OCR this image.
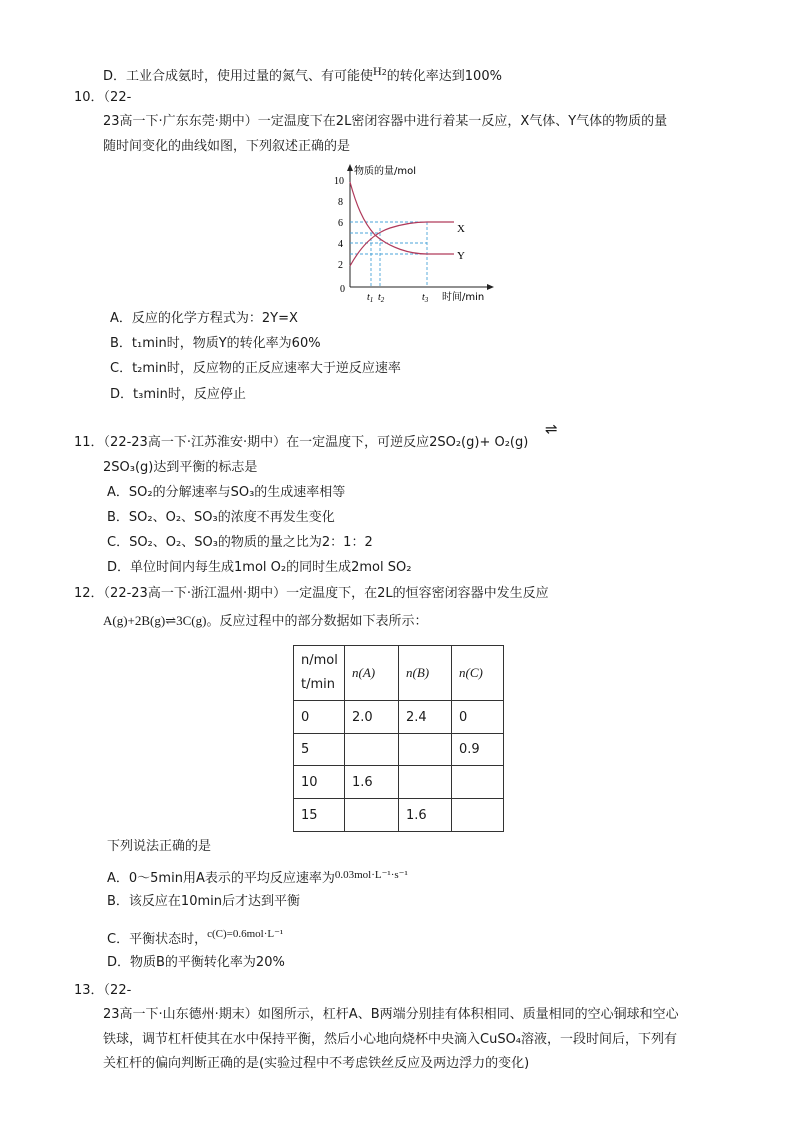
D．工业合成氨时，使用过量的氮气、有可能使$H^2$的转化率达到100%
10．（22-
23高一下·广东东莞·期中）一定温度下在2L密闭容器中进行着某一反应，X气体、Y气体的物质的量
随时间变化的曲线如图，下列叙述正确的是
物质的量/mol
时间/min
10
8
6
4
2
0
X
Y
$t_1$ $t_2$	$t_3$
A．反应的化学方程式为：2Y=X
B．t₁min时，物质Y的转化率为60%
C．t₂min时，反应物的正反应速率大于逆反应速率
D．t₃min时，反应停止
11．（22-23高一下·江苏淮安·期中）在一定温度下，可逆反应2SO₂(g)+ O₂(g)
⇌
2SO₃(g)达到平衡的标志是
A．SO₂的分解速率与SO₃的生成速率相等
B．SO₂、O₂、SO₃的浓度不再发生变化
C．SO₂、O₂、SO₃的物质的量之比为2：1：2
D．单位时间内每生成1mol O₂的同时生成2mol SO₂
12．（22-23高一下·浙江温州·期中）一定温度下，在2L的恒容密闭容器中发生反应
A(g)+2B(g)⇌3C(g)。反应过程中的部分数据如下表所示：
n/mol
t/min	n(A)	n(B)	n(C)
0	2.0	2.4	0
5			0.9
10	1.6		
15		1.6	
下列说法正确的是
A．0～5min用A表示的平均反应速率为$^{0.03mol\cdot L^{-1}\cdot s^{-1}}$
B．该反应在10min后才达到平衡
C．平衡状态时，$^{c(C)=0.6mol\cdot L^{-1}}$
D．物质B的平衡转化率为20%
13．（22-
23高一下·山东德州·期末）如图所示，杠杆A、B两端分别挂有体积相同、质量相同的空心铜球和空心
铁球，调节杠杆使其在水中保持平衡，然后小心地向烧杯中央滴入CuSO₄溶液，一段时间后，下列有
关杠杆的偏向判断正确的是(实验过程中不考虑铁丝反应及两边浮力的变化)
